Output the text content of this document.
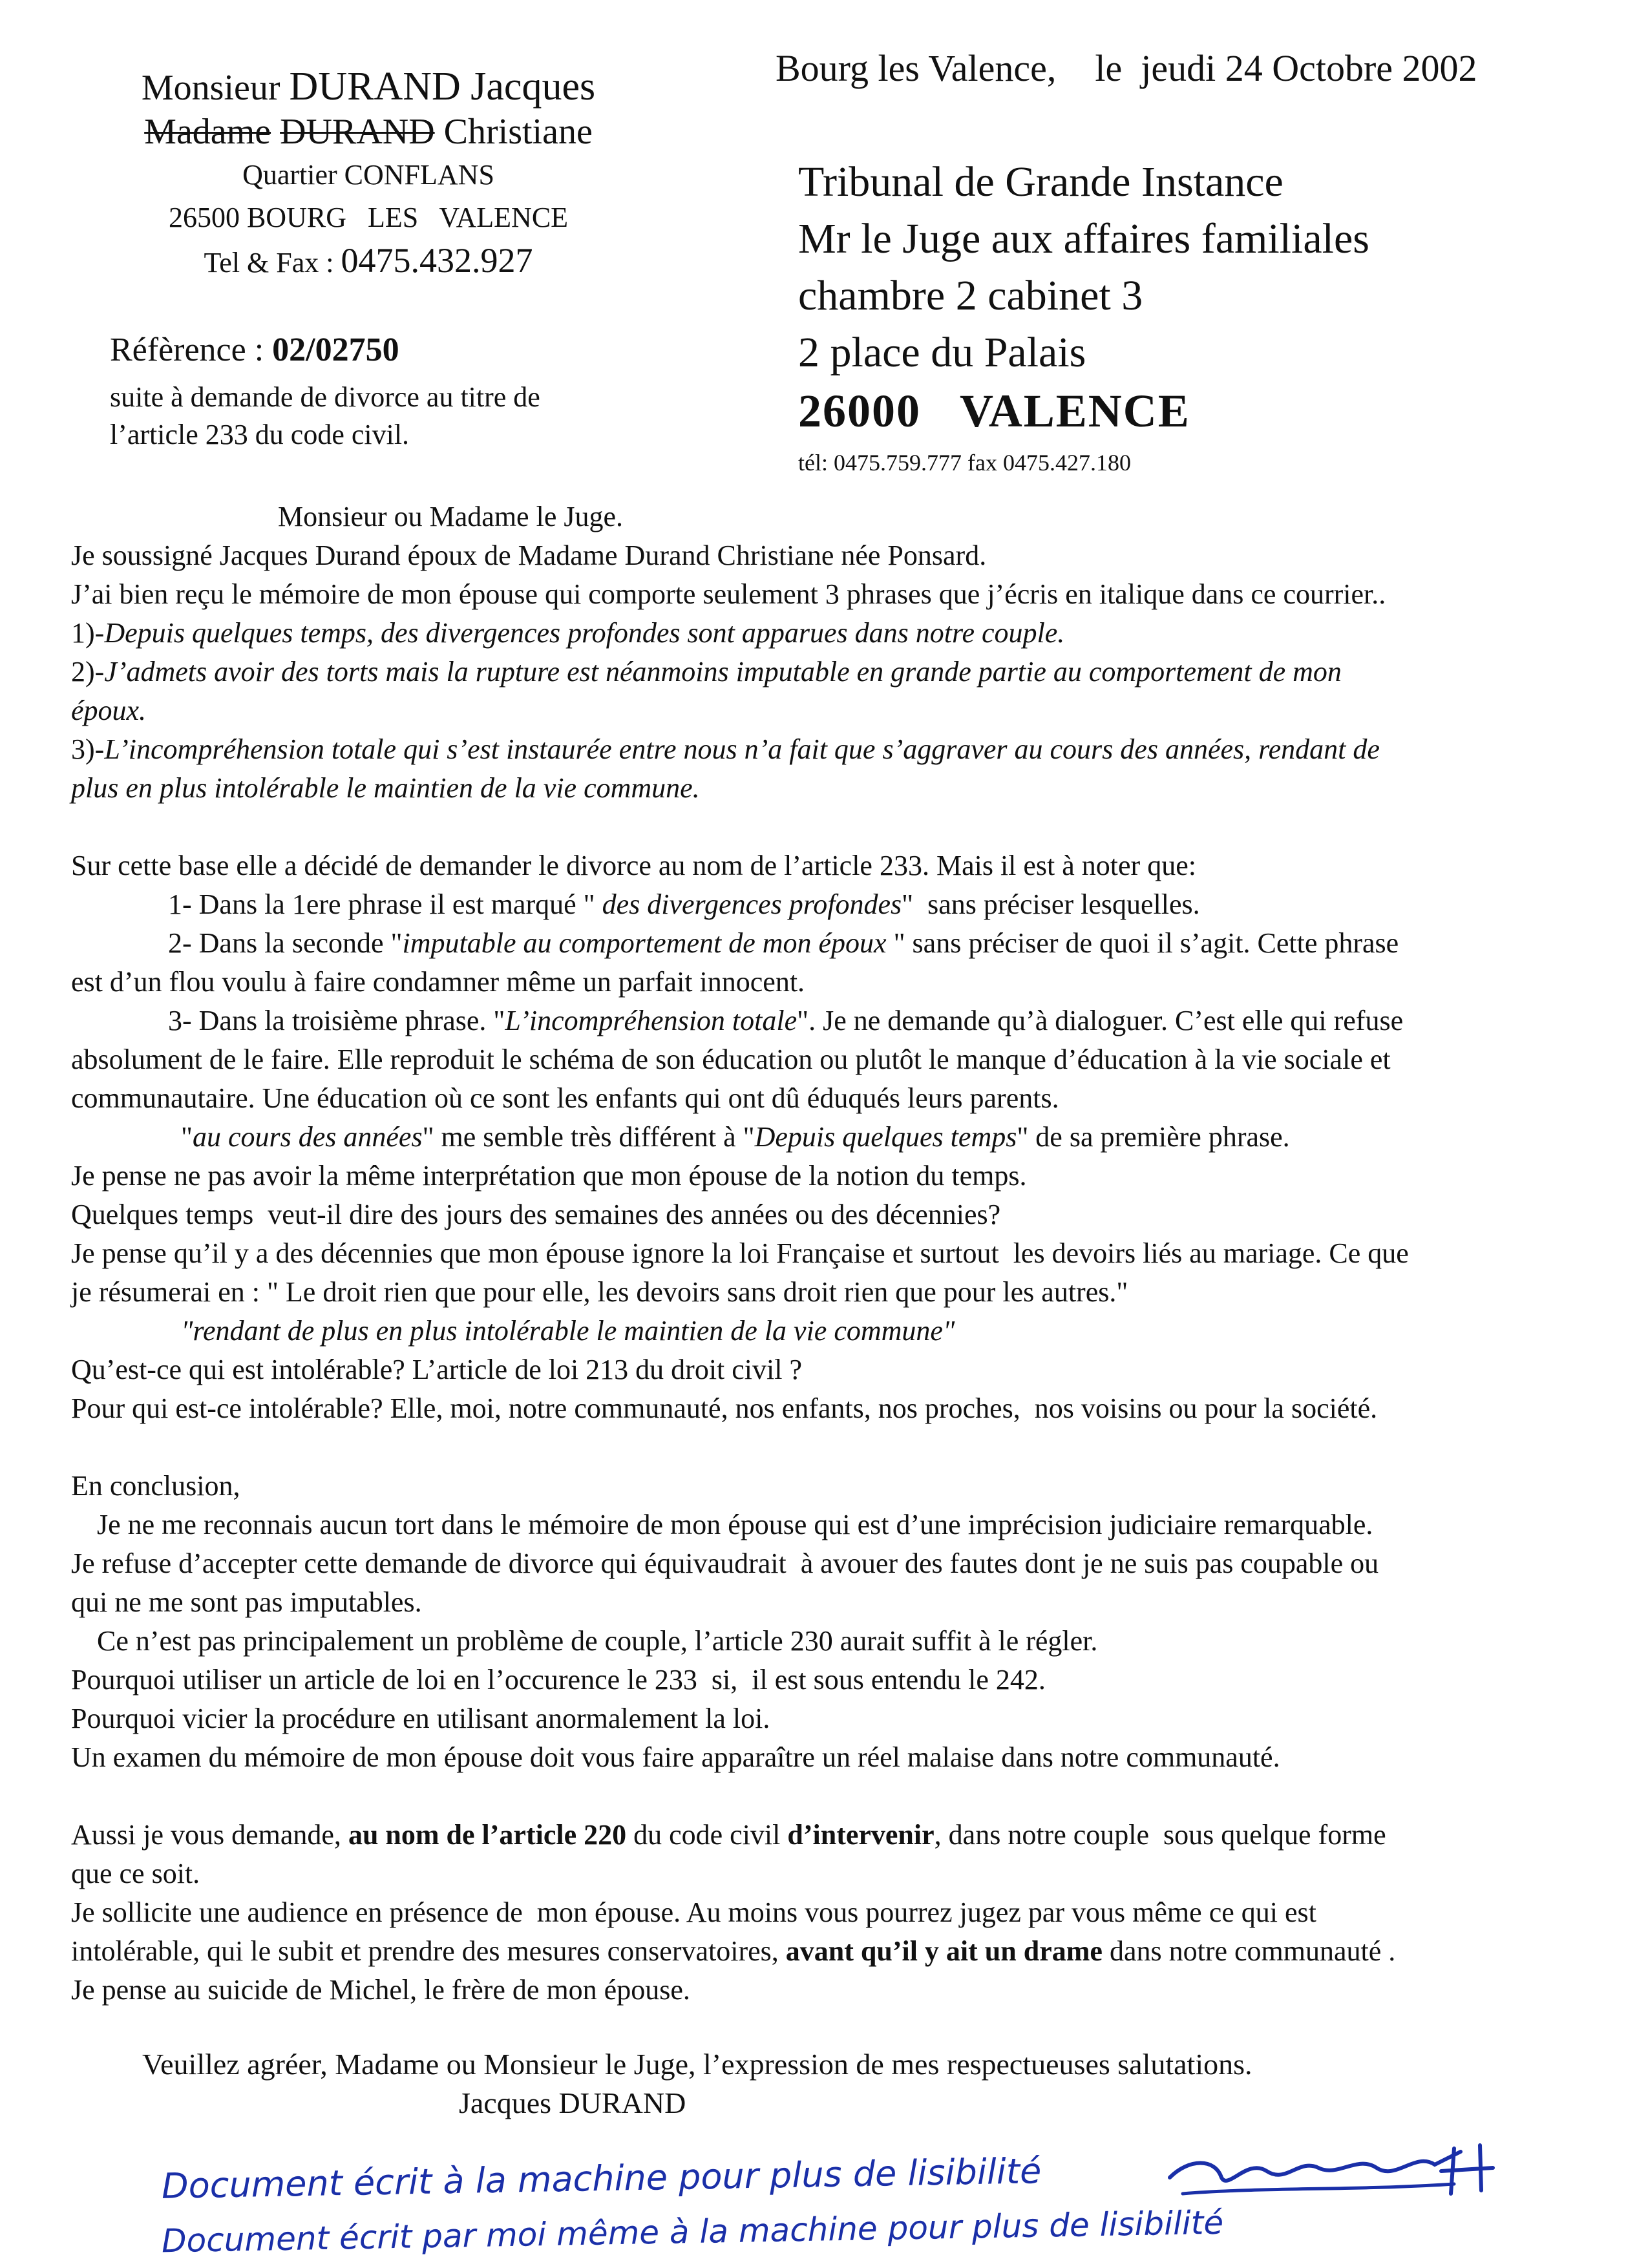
Monsieur DURAND Jacques
Madame DURAND Christiane
Quartier CONFLANS
26500 BOURG   LES   VALENCE
Tel & Fax : 0475.432.927
Bourg les Valence, le  jeudi 24 Octobre 2002
Tribunal de Grande Instance
Mr le Juge aux affaires familiales
chambre 2 cabinet 3
2 place du Palais
26000 VALENCE
tél: 0475.759.777 fax 0475.427.180
Réfèrence : 02/02750
suite à demande de divorce au titre de
l’article 233 du code civil.
Monsieur ou Madame le Juge.
Je soussigné Jacques Durand époux de Madame Durand Christiane née Ponsard.
J’ai bien reçu le mémoire de mon épouse qui comporte seulement 3 phrases que j’écris en italique dans ce courrier..
1)-Depuis quelques temps, des divergences profondes sont apparues dans notre couple.
2)-J’admets avoir des torts mais la rupture est néanmoins imputable en grande partie au comportement de mon
époux.
3)-L’incompréhension totale qui s’est instaurée entre nous n’a fait que s’aggraver au cours des années, rendant de
plus en plus intolérable le maintien de la vie commune.
Sur cette base elle a décidé de demander le divorce au nom de l’article 233. Mais il est à noter que:
1- Dans la 1ere phrase il est marqué " des divergences profondes"  sans préciser lesquelles.
2- Dans la seconde "imputable au comportement de mon époux " sans préciser de quoi il s’agit. Cette phrase
est d’un flou voulu à faire condamner même un parfait innocent.
3- Dans la troisième phrase. "L’incompréhension totale". Je ne demande qu’à dialoguer. C’est elle qui refuse
absolument de le faire. Elle reproduit le schéma de son éducation ou plutôt le manque d’éducation à la vie sociale et
communautaire. Une éducation où ce sont les enfants qui ont dû éduqués leurs parents.
"au cours des années" me semble très différent à "Depuis quelques temps" de sa première phrase.
Je pense ne pas avoir la même interprétation que mon épouse de la notion du temps.
Quelques temps  veut-il dire des jours des semaines des années ou des décennies?
Je pense qu’il y a des décennies que mon épouse ignore la loi Française et surtout  les devoirs liés au mariage. Ce que
je résumerai en : " Le droit rien que pour elle, les devoirs sans droit rien que pour les autres."
"rendant de plus en plus intolérable le maintien de la vie commune"
Qu’est-ce qui est intolérable? L’article de loi 213 du droit civil ?
Pour qui est-ce intolérable? Elle, moi, notre communauté, nos enfants, nos proches,  nos voisins ou pour la société.
En conclusion,
Je ne me reconnais aucun tort dans le mémoire de mon épouse qui est d’une imprécision judiciaire remarquable.
Je refuse d’accepter cette demande de divorce qui équivaudrait  à avouer des fautes dont je ne suis pas coupable ou
qui ne me sont pas imputables.
Ce n’est pas principalement un problème de couple, l’article 230 aurait suffit à le régler.
Pourquoi utiliser un article de loi en l’occurence le 233  si,  il est sous entendu le 242.
Pourquoi vicier la procédure en utilisant anormalement la loi.
Un examen du mémoire de mon épouse doit vous faire apparaître un réel malaise dans notre communauté.
Aussi je vous demande, au nom de l’article 220 du code civil d’intervenir, dans notre couple  sous quelque forme
que ce soit.
Je sollicite une audience en présence de  mon épouse. Au moins vous pourrez jugez par vous même ce qui est
intolérable, qui le subit et prendre des mesures conservatoires, avant qu’il y ait un drame dans notre communauté .
Je pense au suicide de Michel, le frère de mon épouse.
Veuillez agréer, Madame ou Monsieur le Juge, l’expression de mes respectueuses salutations.
Jacques DURAND
Document écrit à la machine pour plus de lisibilité
Document écrit par moi même à la machine pour plus de lisibilité
